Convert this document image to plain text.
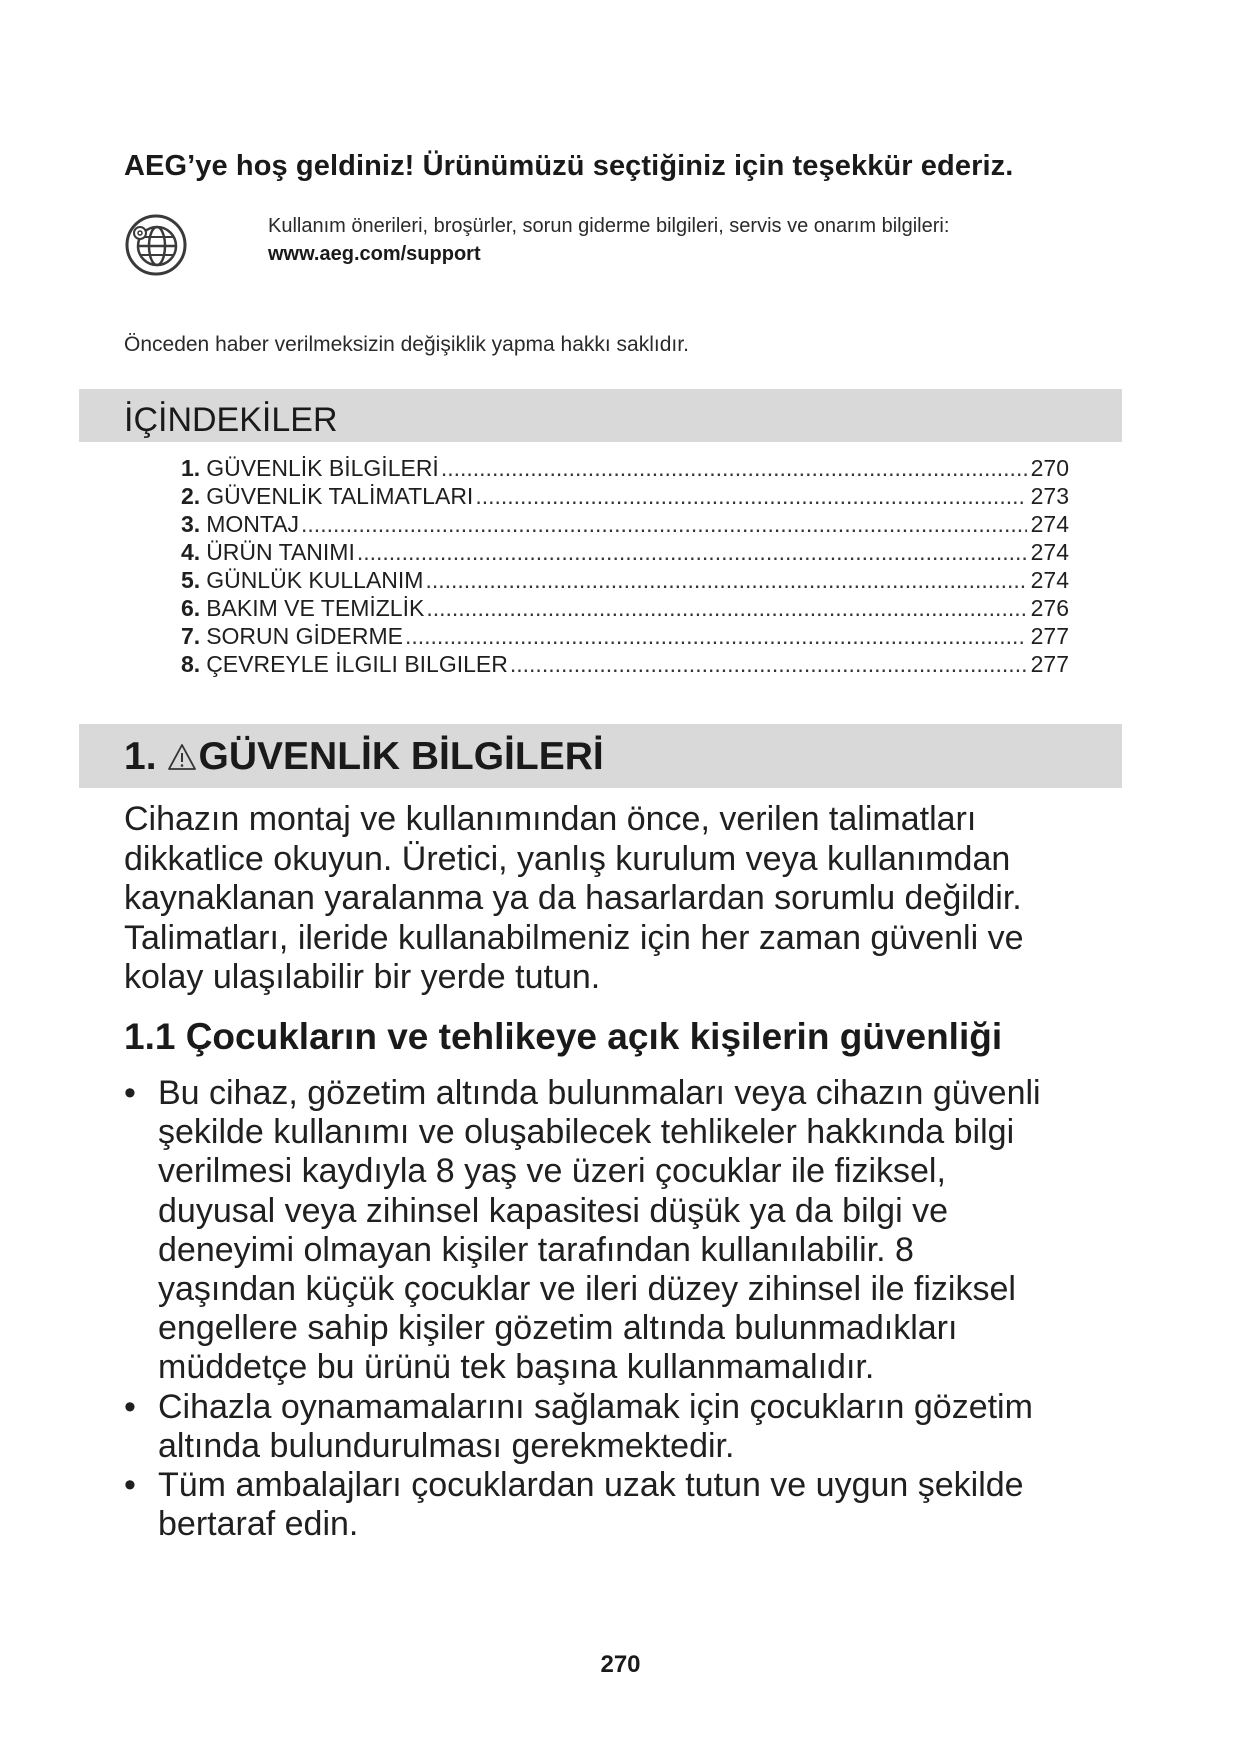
AEG’ye hoş geldiniz! Ürünümüzü seçtiğiniz için teşekkür ederiz.
Kullanım önerileri, broşürler, sorun giderme bilgileri, servis ve onarım bilgileri:
www.aeg.com/support
Önceden haber verilmeksizin değişiklik yapma hakkı saklıdır.
İÇİNDEKİLER
1. GÜVENLİK BİLGİLERİ .....	270
2. GÜVENLİK TALİMATLARI .....	273
3. MONTAJ .....	274
4. ÜRÜN TANIMI .....	274
5. GÜNLÜK KULLANIM .....	274
6. BAKIM VE TEMİZLİK .....	276
7. SORUN GİDERME .....	277
8. ÇEVREYLE İLGILI BILGILER .....	277
1. GÜVENLİK BİLGİLERİ
Cihazın montaj ve kullanımından önce, verilen talimatları
dikkatlice okuyun. Üretici, yanlış kurulum veya kullanımdan
kaynaklanan yaralanma ya da hasarlardan sorumlu değildir.
Talimatları, ileride kullanabilmeniz için her zaman güvenli ve
kolay ulaşılabilir bir yerde tutun.
1.1 Çocukların ve tehlikeye açık kişilerin güvenliği
• Bu cihaz, gözetim altında bulunmaları veya cihazın güvenli
şekilde kullanımı ve oluşabilecek tehlikeler hakkında bilgi
verilmesi kaydıyla 8 yaş ve üzeri çocuklar ile fiziksel,
duyusal veya zihinsel kapasitesi düşük ya da bilgi ve
deneyimi olmayan kişiler tarafından kullanılabilir. 8
yaşından küçük çocuklar ve ileri düzey zihinsel ile fiziksel
engellere sahip kişiler gözetim altında bulunmadıkları
müddetçe bu ürünü tek başına kullanmamalıdır.
• Cihazla oynamamalarını sağlamak için çocukların gözetim
altında bulundurulması gerekmektedir.
• Tüm ambalajları çocuklardan uzak tutun ve uygun şekilde
bertaraf edin.
270
